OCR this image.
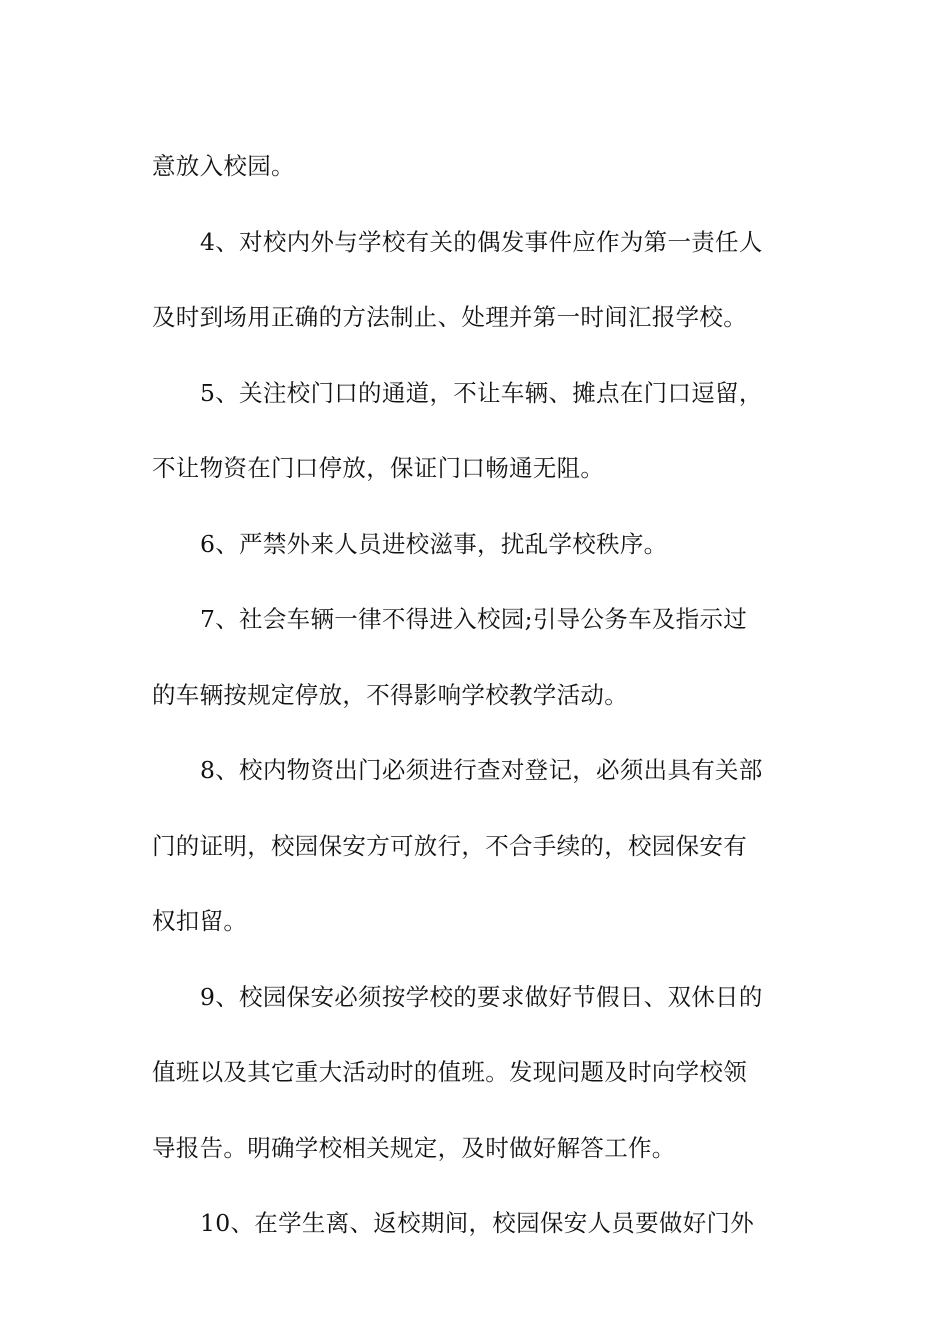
意放入校园。
4、对校内外与学校有关的偶发事件应作为第一责任人
及时到场用正确的方法制止、处理并第一时间汇报学校。
5、关注校门口的通道，不让车辆、摊点在门口逗留，
不让物资在门口停放，保证门口畅通无阻。
6、严禁外来人员进校滋事，扰乱学校秩序。
7、社会车辆一律不得进入校园;引导公务车及指示过
的车辆按规定停放，不得影响学校教学活动。
8、校内物资出门必须进行查对登记，必须出具有关部
门的证明，校园保安方可放行，不合手续的，校园保安有
权扣留。
9、校园保安必须按学校的要求做好节假日、双休日的
值班以及其它重大活动时的值班。发现问题及时向学校领
导报告。明确学校相关规定，及时做好解答工作。
10、在学生离、返校期间，校园保安人员要做好门外
